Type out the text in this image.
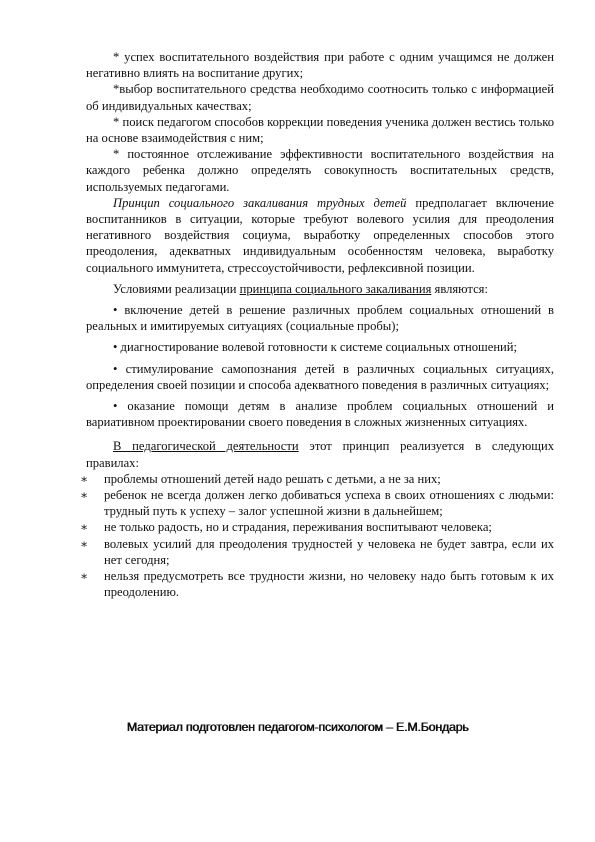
* успех воспитательного воздействия при работе с одним учащимся не должен негативно влиять на воспитание других;

*выбор воспитательного средства необходимо соотносить только с информацией об индивидуальных качествах;

* поиск педагогом способов коррекции поведения ученика должен вестись только на основе взаимодействия с ним;

* постоянное отслеживание эффективности воспитательного воздействия на каждого ребенка должно определять совокупность воспитательных средств, используемых педагогами.

Принцип социального закаливания трудных детей предполагает включение воспитанников в ситуации, которые требуют волевого усилия для преодоления негативного воздействия социума, выработку определенных способов этого преодоления, адекватных индивидуальным особенностям человека, выработку социального иммунитета, стрессоустойчивости, рефлексивной позиции.

Условиями реализации принципа социального закаливания являются:

• включение детей в решение различных проблем социальных отношений в реальных и имитируемых ситуациях (социальные пробы);

• диагностирование волевой готовности к системе социальных отношений;

• стимулирование самопознания детей в различных социальных ситуациях, определения своей позиции и способа адекватного поведения в различных ситуациях;

• оказание помощи детям в анализе проблем социальных отношений и вариативном проектировании своего поведения в сложных жизненных ситуациях.

В педагогической деятельности этот принцип реализуется в следующих правилах:

∗ проблемы отношений детей надо решать с детьми, а не за них;
∗ ребенок не всегда должен легко добиваться успеха в своих отношениях с людьми: трудный путь к успеху – залог успешной жизни в дальнейшем;
∗ не только радость, но и страдания, переживания воспитывают человека;
∗ волевых усилий для преодоления трудностей у человека не будет завтра, если их нет сегодня;
∗ нельзя предусмотреть все трудности жизни, но человеку надо быть готовым к их преодолению.
Материал подготовлен педагогом-психологом – Е.М.Бондарь
